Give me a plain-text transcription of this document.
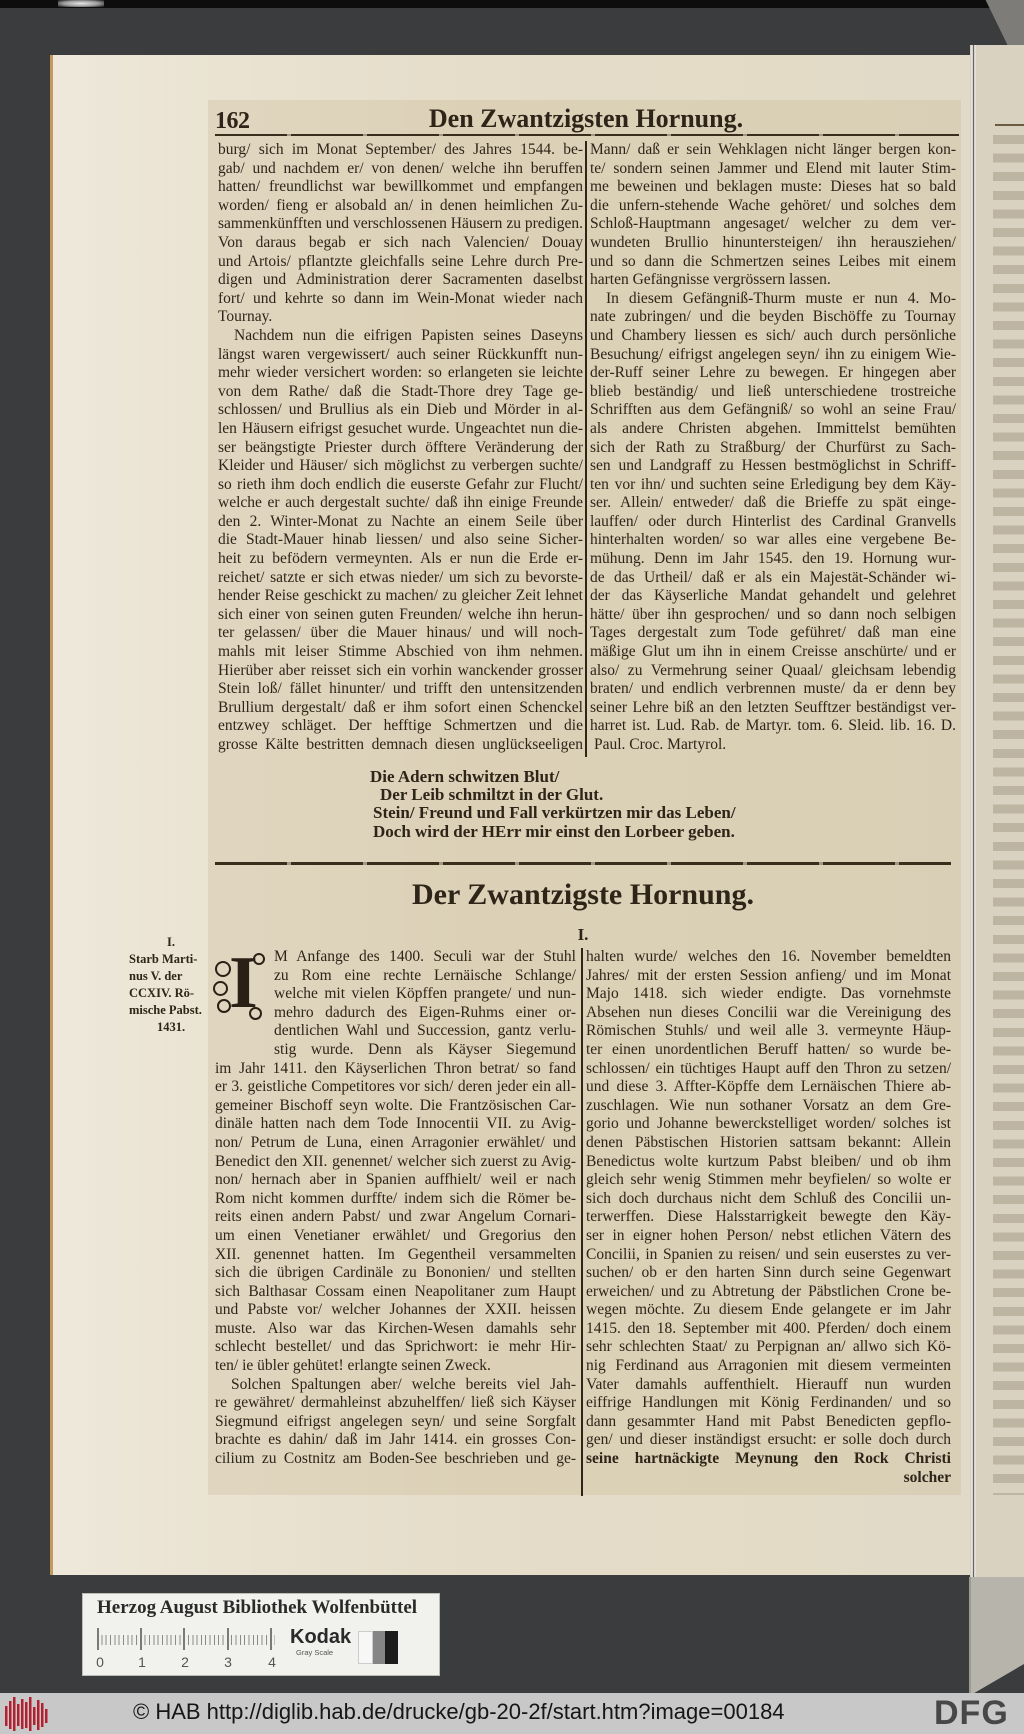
162	Den Zwantzigsten Hornung.
burg/ sich im Monat September/ des Jahres 1544. be-
gab/ und nachdem er/ von denen/ welche ihn beruffen
hatten/ freundlichst war bewillkommet und empfangen
worden/ fieng er alsobald an/ in denen heimlichen Zu-
sammenkünfften und verschlossenen Häusern zu predigen.
Von daraus begab er sich nach Valencien/ Douay
und Artois/ pflantzte gleichfalls seine Lehre durch Pre-
digen und Administration derer Sacramenten daselbst
fort/ und kehrte so dann im Wein-Monat wieder nach
Tournay.
Nachdem nun die eifrigen Papisten seines Daseyns
längst waren vergewissert/ auch seiner Rückkunfft nun-
mehr wieder versichert worden: so erlangeten sie leichte
von dem Rathe/ daß die Stadt-Thore drey Tage ge-
schlossen/ und Brullius als ein Dieb und Mörder in al-
len Häusern eifrigst gesuchet wurde. Ungeachtet nun die-
ser beängstigte Priester durch öfftere Veränderung der
Kleider und Häuser/ sich möglichst zu verbergen suchte/
so rieth ihm doch endlich die euserste Gefahr zur Flucht/
welche er auch dergestalt suchte/ daß ihn einige Freunde
den 2. Winter-Monat zu Nachte an einem Seile über
die Stadt-Mauer hinab liessen/ und also seine Sicher-
heit zu befödern vermeynten. Als er nun die Erde er-
reichet/ satzte er sich etwas nieder/ um sich zu bevorste-
hender Reise geschickt zu machen/ zu gleicher Zeit lehnet
sich einer von seinen guten Freunden/ welche ihn herun-
ter gelassen/ über die Mauer hinaus/ und will noch-
mahls mit leiser Stimme Abschied von ihm nehmen.
Hierüber aber reisset sich ein vorhin wanckender grosser
Stein loß/ fället hinunter/ und trifft den untensitzenden
Brullium dergestalt/ daß er ihm sofort einen Schenckel
entzwey schläget. Der hefftige Schmertzen und die
grosse Kälte bestritten demnach diesen unglückseeligen
Mann/ daß er sein Wehklagen nicht länger bergen kon-
te/ sondern seinen Jammer und Elend mit lauter Stim-
me beweinen und beklagen muste: Dieses hat so bald
die unfern-stehende Wache gehöret/ und solches dem
Schloß-Hauptmann angesaget/ welcher zu dem ver-
wundeten Brullio hinuntersteigen/ ihn herausziehen/
und so dann die Schmertzen seines Leibes mit einem
harten Gefängnisse vergrössern lassen.
In diesem Gefängniß-Thurm muste er nun 4. Mo-
nate zubringen/ und die beyden Bischöffe zu Tournay
und Chambery liessen es sich/ auch durch persönliche
Besuchung/ eifrigst angelegen seyn/ ihn zu einigem Wie-
der-Ruff seiner Lehre zu bewegen. Er hingegen aber
blieb beständig/ und ließ unterschiedene trostreiche
Schrifften aus dem Gefängniß/ so wohl an seine Frau/
als andere Christen abgehen. Immittelst bemühten
sich der Rath zu Straßburg/ der Churfürst zu Sach-
sen und Landgraff zu Hessen bestmöglichst in Schriff-
ten vor ihn/ und suchten seine Erledigung bey dem Käy-
ser. Allein/ entweder/ daß die Brieffe zu spät einge-
lauffen/ oder durch Hinterlist des Cardinal Granvells
hinterhalten worden/ so war alles eine vergebene Be-
mühung. Denn im Jahr 1545. den 19. Hornung wur-
de das Urtheil/ daß er als ein Majestät-Schänder wi-
der das Käyserliche Mandat gehandelt und gelehret
hätte/ über ihn gesprochen/ und so dann noch selbigen
Tages dergestalt zum Tode geführet/ daß man eine
mäßige Glut um ihn in einem Creisse anschürte/ und er
also/ zu Vermehrung seiner Quaal/ gleichsam lebendig
braten/ und endlich verbrennen muste/ da er denn bey
seiner Lehre biß an den letzten Seufftzer beständigst ver-
harret ist. Lud. Rab. de Martyr. tom. 6. Sleid. lib. 16. D.
Paul. Croc. Martyrol.
Die Adern schwitzen Blut/
Der Leib schmiltzt in der Glut.
Stein/ Freund und Fall verkürtzen mir das Leben/
Doch wird der HErr mir einst den Lorbeer geben.
Der Zwantzigste Hornung.
I.
I.
Starb Marti-
nus V. der
CCXIV. Rö-
mische Pabst.
1431.
I	M Anfange des 1400. Seculi war der Stuhl
zu Rom eine rechte Lernäische Schlange/
welche mit vielen Köpffen prangete/ und nun-
mehro dadurch des Eigen-Ruhms einer or-
dentlichen Wahl und Succession, gantz verlu-
stig wurde. Denn als Käyser Siegemund
im Jahr 1411. den Käyserlichen Thron betrat/ so fand
er 3. geistliche Competitores vor sich/ deren jeder ein all-
gemeiner Bischoff seyn wolte. Die Frantzösischen Car-
dinäle hatten nach dem Tode Innocentii VII. zu Avig-
non/ Petrum de Luna, einen Arragonier erwählet/ und
Benedict den XII. genennet/ welcher sich zuerst zu Avig-
non/ hernach aber in Spanien auffhielt/ weil er nach
Rom nicht kommen durffte/ indem sich die Römer be-
reits einen andern Pabst/ und zwar Angelum Cornari-
um einen Venetianer erwählet/ und Gregorius den
XII. genennet hatten. Im Gegentheil versammelten
sich die übrigen Cardinäle zu Bononien/ und stellten
sich Balthasar Cossam einen Neapolitaner zum Haupt
und Pabste vor/ welcher Johannes der XXII. heissen
muste. Also war das Kirchen-Wesen damahls sehr
schlecht bestellet/ und das Sprichwort: ie mehr Hir-
ten/ ie übler gehütet! erlangte seinen Zweck.
Solchen Spaltungen aber/ welche bereits viel Jah-
re gewähret/ dermahleinst abzuhelffen/ ließ sich Käyser
Siegmund eifrigst angelegen seyn/ und seine Sorgfalt
brachte es dahin/ daß im Jahr 1414. ein grosses Con-
cilium zu Costnitz am Boden-See beschrieben und ge-
halten wurde/ welches den 16. November bemeldten
Jahres/ mit der ersten Session anfieng/ und im Monat
Majo 1418. sich wieder endigte. Das vornehmste
Absehen nun dieses Concilii war die Vereinigung des
Römischen Stuhls/ und weil alle 3. vermeynte Häup-
ter einen unordentlichen Beruff hatten/ so wurde be-
schlossen/ ein tüchtiges Haupt auff den Thron zu setzen/
und diese 3. Affter-Köpffe dem Lernäischen Thiere ab-
zuschlagen. Wie nun sothaner Vorsatz an dem Gre-
gorio und Johanne bewerckstelliget worden/ solches ist
denen Päbstischen Historien sattsam bekannt: Allein
Benedictus wolte kurtzum Pabst bleiben/ und ob ihm
gleich sehr wenig Stimmen mehr beyfielen/ so wolte er
sich doch durchaus nicht dem Schluß des Concilii un-
terwerffen. Diese Halsstarrigkeit bewegte den Käy-
ser in eigner hohen Person/ nebst etlichen Vätern des
Concilii, in Spanien zu reisen/ und sein euserstes zu ver-
suchen/ ob er den harten Sinn durch seine Gegenwart
erweichen/ und zu Abtretung der Päbstlichen Crone be-
wegen möchte. Zu diesem Ende gelangete er im Jahr
1415. den 18. September mit 400. Pferden/ doch einem
sehr schlechten Staat/ zu Perpignan an/ allwo sich Kö-
nig Ferdinand aus Arragonien mit diesem vermeinten
Vater damahls auffenthielt. Hierauff nun wurden
eiffrige Handlungen mit König Ferdinanden/ und so
dann gesammter Hand mit Pabst Benedicten gepflo-
gen/ und dieser inständigst ersucht: er solle doch durch
seine hartnäckigte Meynung den Rock Christi
solcher
Herzog August Bibliothek Wolfenbüttel
0 1	2	3	4
Kodak
Gray Scale
© HAB http://diglib.hab.de/drucke/gb-20-2f/start.htm?image=00184	DFG
